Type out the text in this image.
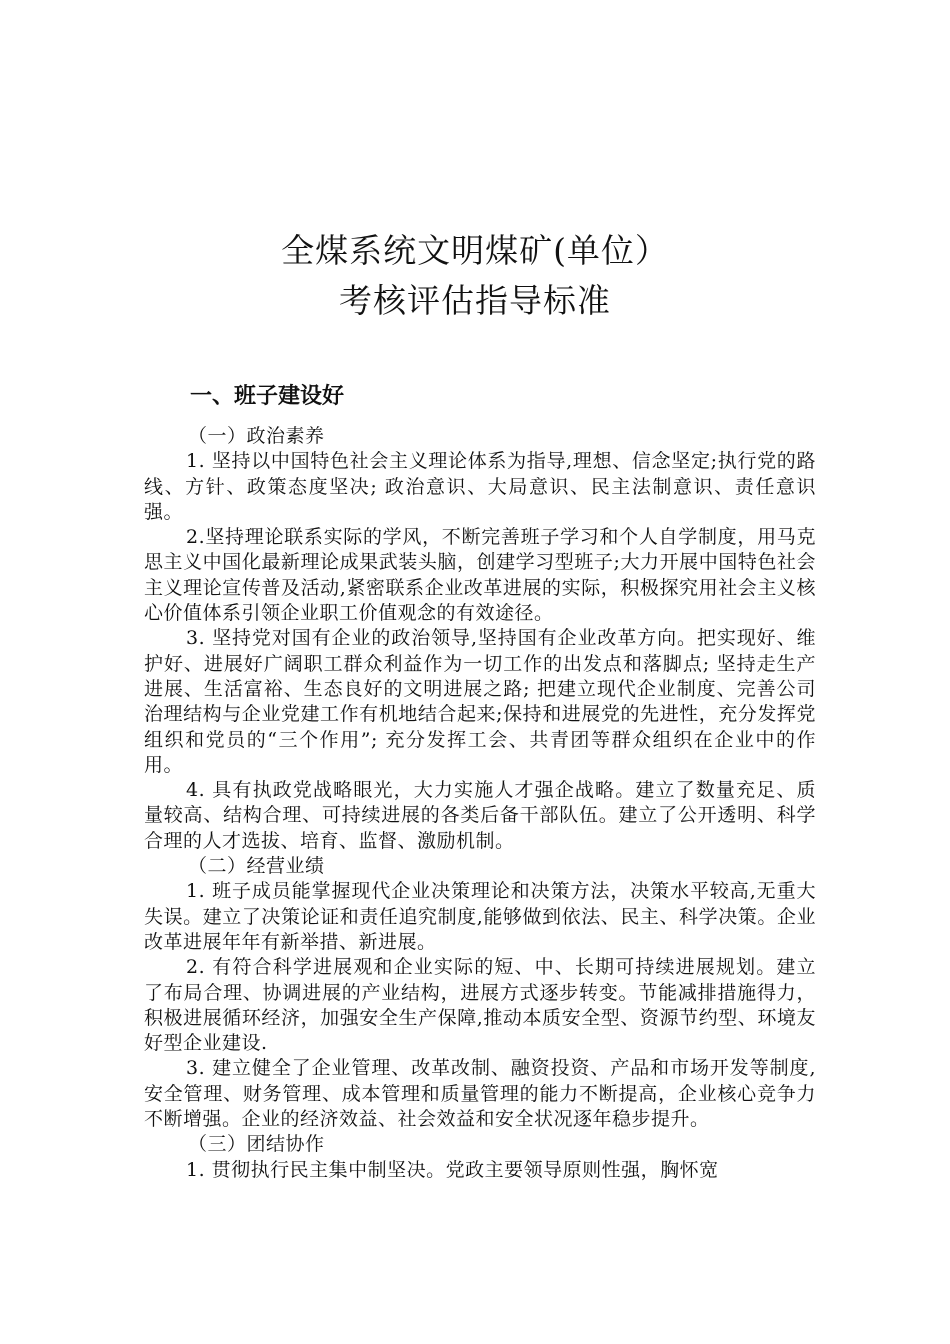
全煤系统文明煤矿(单位）
考核评估指导标准
一、班子建设好

（一）政治素养

1. 坚持以中国特色社会主义理论体系为指导,理想、信念坚定;执行党的路线、方针、政策态度坚决; 政治意识、大局意识、民主法制意识、责任意识强。

2.坚持理论联系实际的学风，不断完善班子学习和个人自学制度，用马克思主义中国化最新理论成果武装头脑，创建学习型班子;大力开展中国特色社会主义理论宣传普及活动,紧密联系企业改革进展的实际，积极探究用社会主义核心价值体系引领企业职工价值观念的有效途径。

3. 坚持党对国有企业的政治领导,坚持国有企业改革方向。把实现好、维护好、进展好广阔职工群众利益作为一切工作的出发点和落脚点; 坚持走生产进展、生活富裕、生态良好的文明进展之路; 把建立现代企业制度、完善公司治理结构与企业党建工作有机地结合起来;保持和进展党的先进性，充分发挥党组织和党员的“三个作用”; 充分发挥工会、共青团等群众组织在企业中的作用。

4. 具有执政党战略眼光，大力实施人才强企战略。建立了数量充足、质量较高、结构合理、可持续进展的各类后备干部队伍。建立了公开透明、科学合理的人才选拔、培育、监督、激励机制。

（二）经营业绩

1. 班子成员能掌握现代企业决策理论和决策方法，决策水平较高,无重大失误。建立了决策论证和责任追究制度,能够做到依法、民主、科学决策。企业改革进展年年有新举措、新进展。

2. 有符合科学进展观和企业实际的短、中、长期可持续进展规划。建立了布局合理、协调进展的产业结构，进展方式逐步转变。节能减排措施得力，积极进展循环经济，加强安全生产保障,推动本质安全型、资源节约型、环境友好型企业建设.

3. 建立健全了企业管理、改革改制、融资投资、产品和市场开发等制度,安全管理、财务管理、成本管理和质量管理的能力不断提高，企业核心竞争力不断增强。企业的经济效益、社会效益和安全状况逐年稳步提升。

（三）团结协作

1. 贯彻执行民主集中制坚决。党政主要领导原则性强，胸怀宽
